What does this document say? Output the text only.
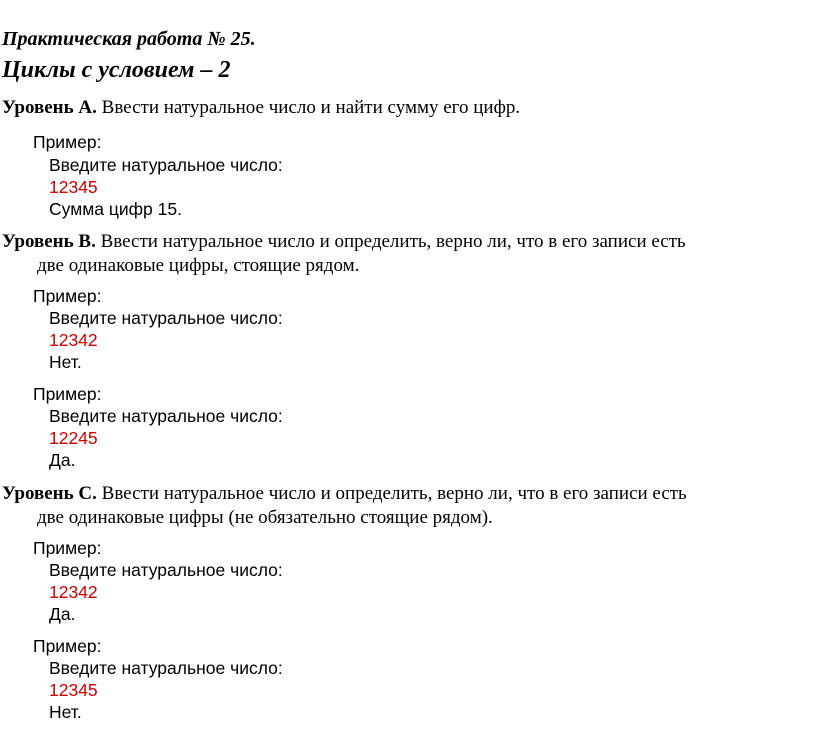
Практическая работа № 25.
Циклы с условием – 2
Уровень A. Ввести натуральное число и найти сумму его цифр.
Пример:
Введите натуральное число:
12345
Сумма цифр 15.
Уровень B. Ввести натуральное число и определить, верно ли, что в его записи есть
две одинаковые цифры, стоящие рядом.
Пример:
Введите натуральное число:
12342
Нет.
Пример:
Введите натуральное число:
12245
Да.
Уровень C. Ввести натуральное число и определить, верно ли, что в его записи есть
две одинаковые цифры (не обязательно стоящие рядом).
Пример:
Введите натуральное число:
12342
Да.
Пример:
Введите натуральное число:
12345
Нет.
